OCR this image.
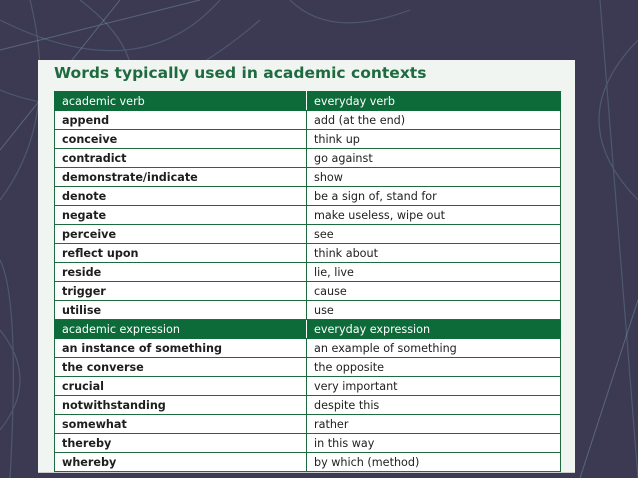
Words typically used in academic contexts
academic verb	everyday verb
append	add (at the end)
conceive	think up
contradict	go against
demonstrate/indicate	show
denote	be a sign of, stand for
negate	make useless, wipe out
perceive	see
reflect upon	think about
reside	lie, live
trigger	cause
utilise	use
academic expression	everyday expression
an instance of something	an example of something
the converse	the opposite
crucial	very important
notwithstanding	despite this
somewhat	rather
thereby	in this way
whereby	by which (method)
